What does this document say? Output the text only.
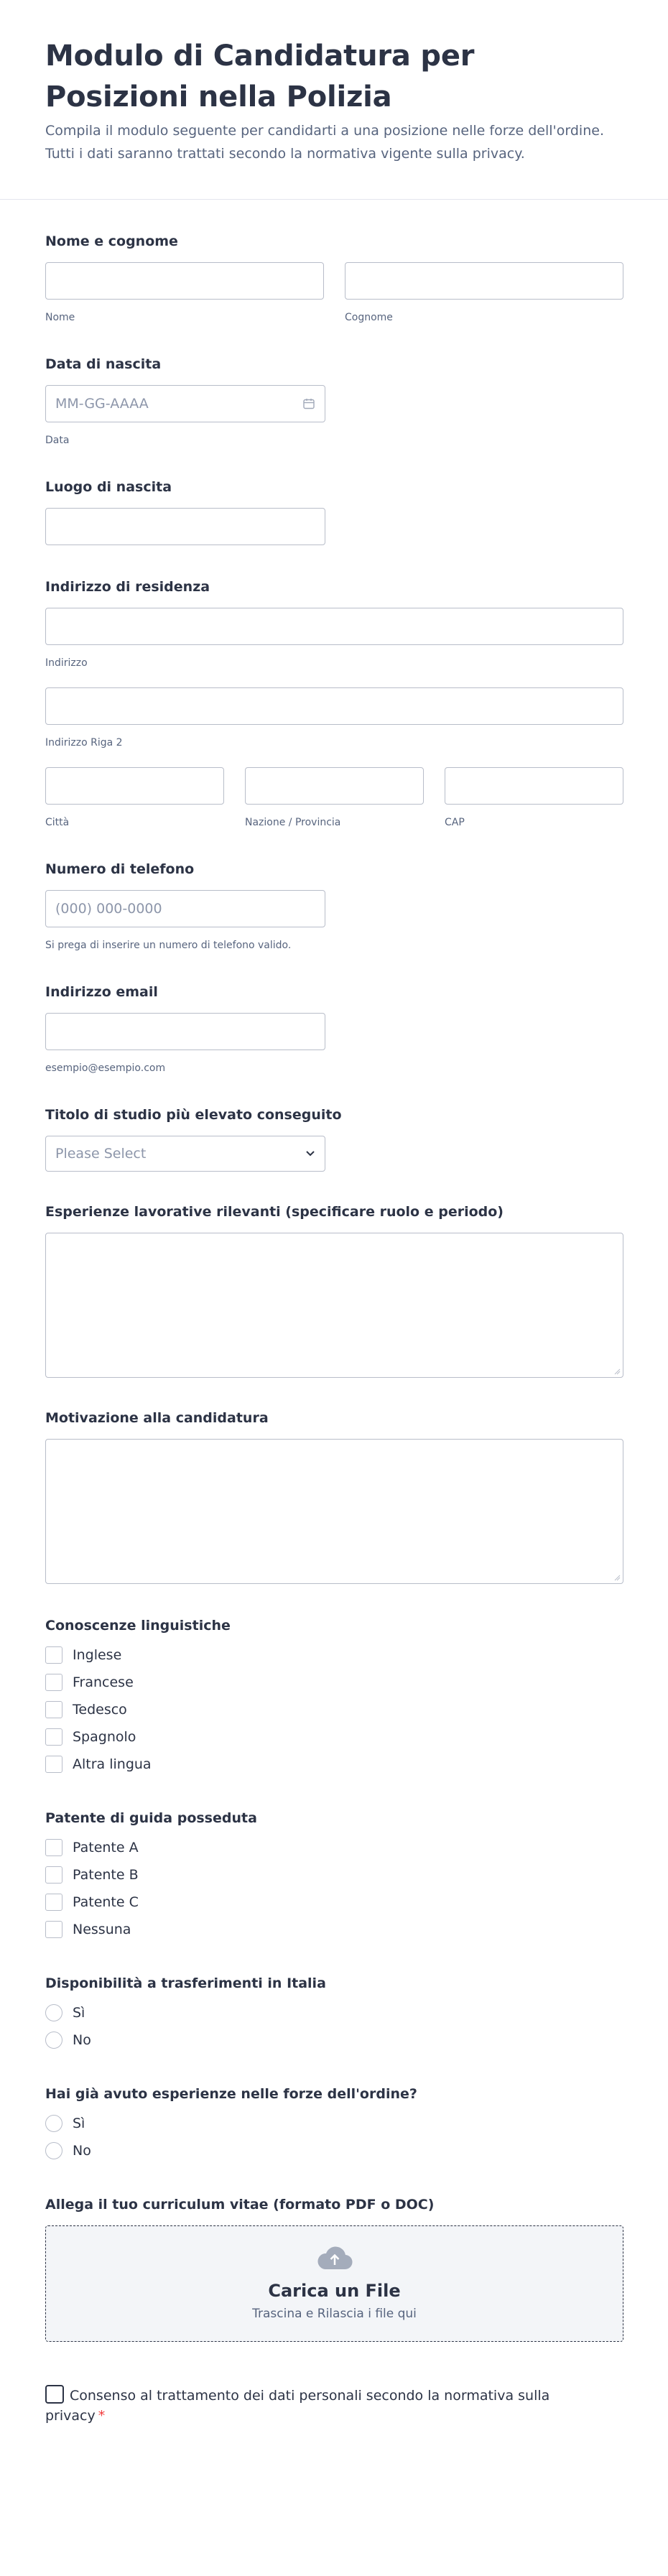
Modulo di Candidatura per Posizioni nella Polizia

Compila il modulo seguente per candidarti a una posizione nelle forze dell'ordine. Tutti i dati saranno trattati secondo la normativa vigente sulla privacy.

Nome e cognome
Nome	Cognome
Data di nascita
MM-GG-AAAA
Data
Luogo di nascita
Indirizzo di residenza
Indirizzo
Indirizzo Riga 2
Città	Nazione / Provincia	CAP
Numero di telefono
(000) 000-0000
Si prega di inserire un numero di telefono valido.
Indirizzo email
esempio@esempio.com
Titolo di studio più elevato conseguito
Please Select
Esperienze lavorative rilevanti (specificare ruolo e periodo)
Motivazione alla candidatura
Conoscenze linguistiche
Inglese
Francese
Tedesco
Spagnolo
Altra lingua
Patente di guida posseduta
Patente A
Patente B
Patente C
Nessuna
Disponibilità a trasferimenti in Italia
Sì
No
Hai già avuto esperienze nelle forze dell'ordine?
Sì
No
Allega il tuo curriculum vitae (formato PDF o DOC)
Carica un File
Trascina e Rilascia i file qui
Consenso al trattamento dei dati personali secondo la normativa sulla privacy *
